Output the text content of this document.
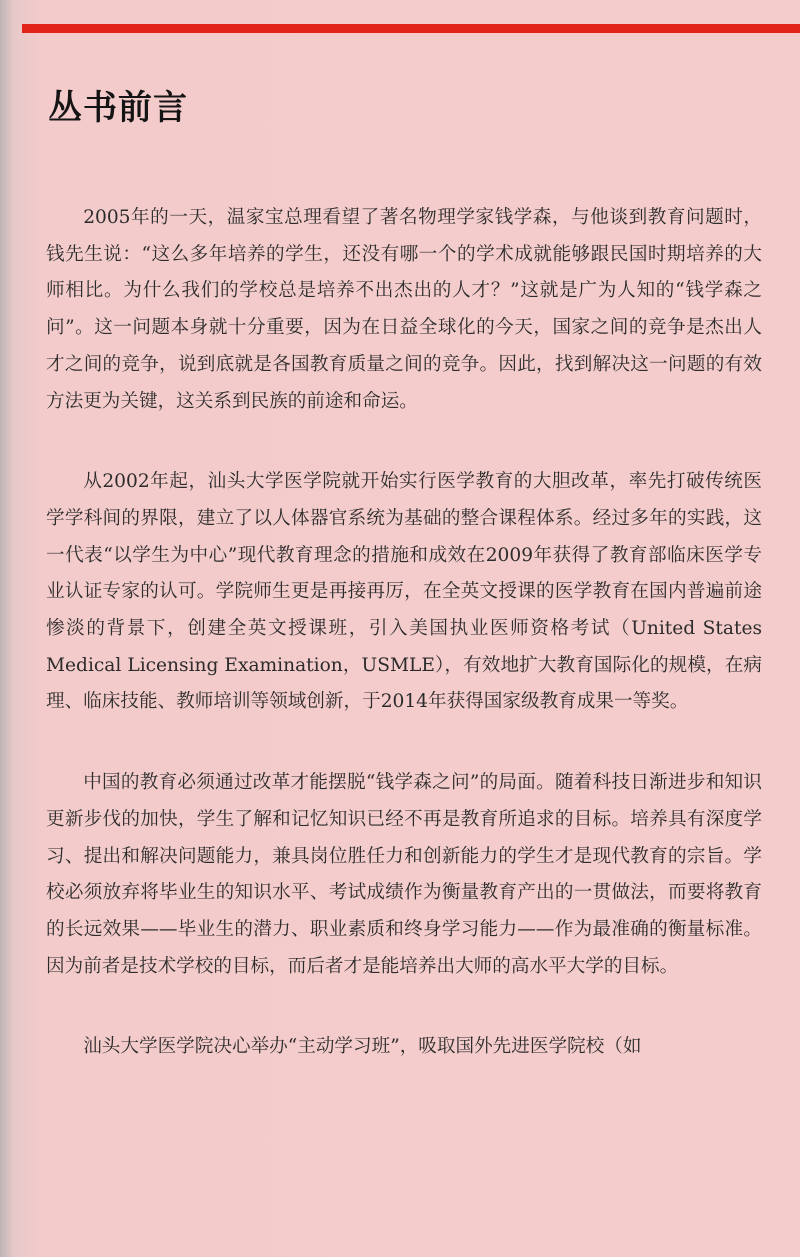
丛书前言

2005年的一天，温家宝总理看望了著名物理学家钱学森，与他谈到教育问题时，钱先生说：“这么多年培养的学生，还没有哪一个的学术成就能够跟民国时期培养的大师相比。为什么我们的学校总是培养不出杰出的人才？”这就是广为人知的“钱学森之问”。这一问题本身就十分重要，因为在日益全球化的今天，国家之间的竞争是杰出人才之间的竞争，说到底就是各国教育质量之间的竞争。因此，找到解决这一问题的有效方法更为关键，这关系到民族的前途和命运。

从2002年起，汕头大学医学院就开始实行医学教育的大胆改革，率先打破传统医学学科间的界限，建立了以人体器官系统为基础的整合课程体系。经过多年的实践，这一代表“以学生为中心”现代教育理念的措施和成效在2009年获得了教育部临床医学专业认证专家的认可。学院师生更是再接再厉，在全英文授课的医学教育在国内普遍前途惨淡的背景下，创建全英文授课班，引入美国执业医师资格考试（United States Medical Licensing Examination，USMLE），有效地扩大教育国际化的规模，在病理、临床技能、教师培训等领域创新，于2014年获得国家级教育成果一等奖。

中国的教育必须通过改革才能摆脱“钱学森之问”的局面。随着科技日渐进步和知识更新步伐的加快，学生了解和记忆知识已经不再是教育所追求的目标。培养具有深度学习、提出和解决问题能力，兼具岗位胜任力和创新能力的学生才是现代教育的宗旨。学校必须放弃将毕业生的知识水平、考试成绩作为衡量教育产出的一贯做法，而要将教育的长远效果——毕业生的潜力、职业素质和终身学习能力——作为最准确的衡量标准。因为前者是技术学校的目标，而后者才是能培养出大师的高水平大学的目标。

汕头大学医学院决心举办“主动学习班”，吸取国外先进医学院校（如
